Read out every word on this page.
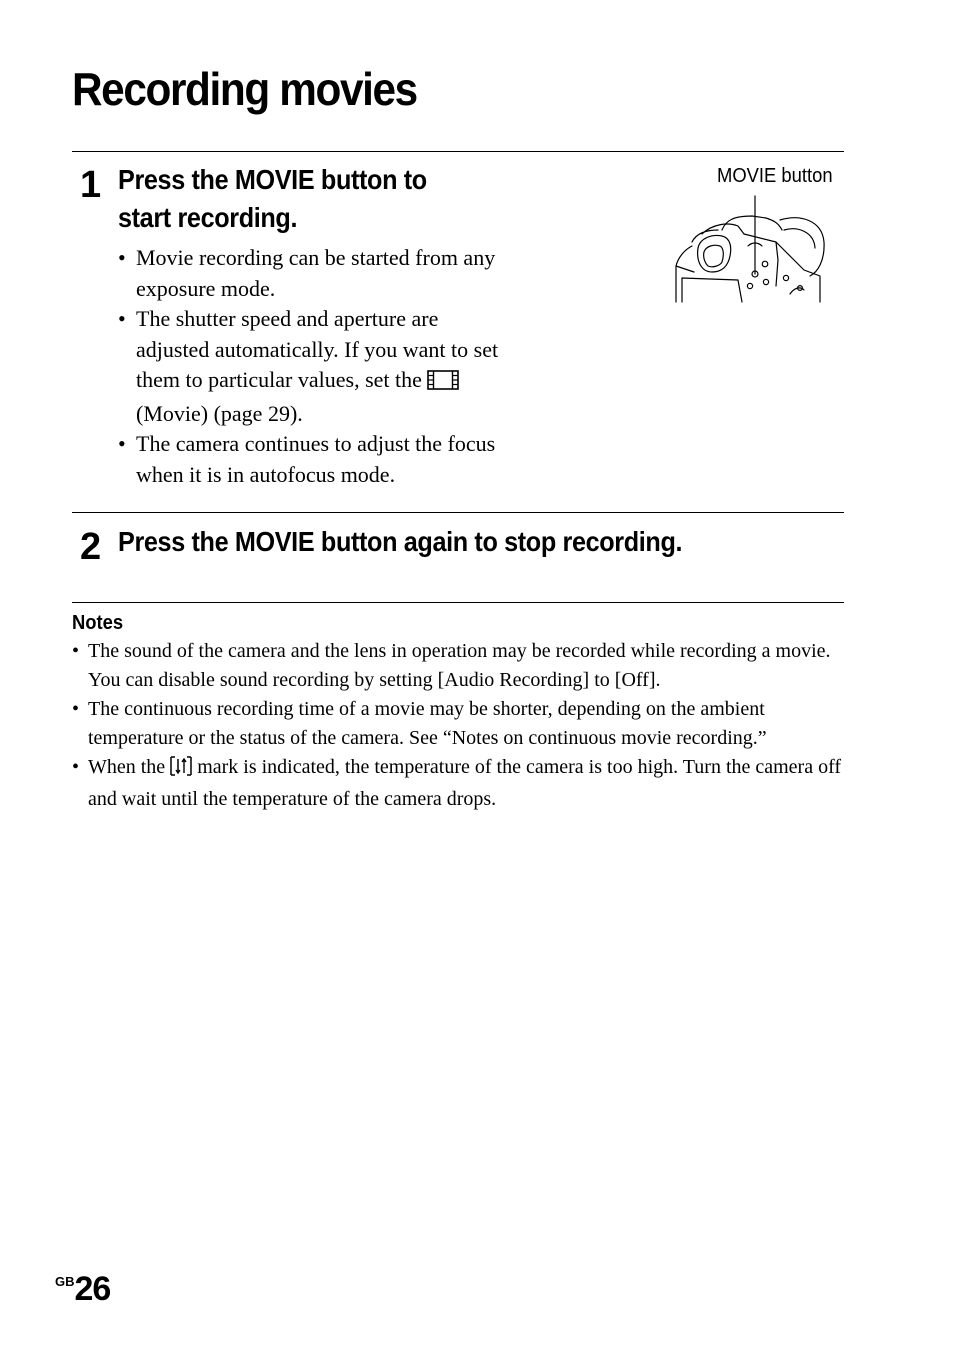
Recording movies
1 Press the MOVIE button to
start recording.
• Movie recording can be started from any exposure mode.
• The shutter speed and aperture are adjusted automatically. If you want to set them to particular values, set the  (Movie) (page 29).
• The camera continues to adjust the focus when it is in autofocus mode.
MOVIE button
2 Press the MOVIE button again to stop recording.
Notes
• The sound of the camera and the lens in operation may be recorded while recording a movie. You can disable sound recording by setting [Audio Recording] to [Off].
• The continuous recording time of a movie may be shorter, depending on the ambient temperature or the status of the camera. See “Notes on continuous movie recording.”
• When the mark is indicated, the temperature of the camera is too high. Turn the camera off and wait until the temperature of the camera drops.
$^{GB}$26
